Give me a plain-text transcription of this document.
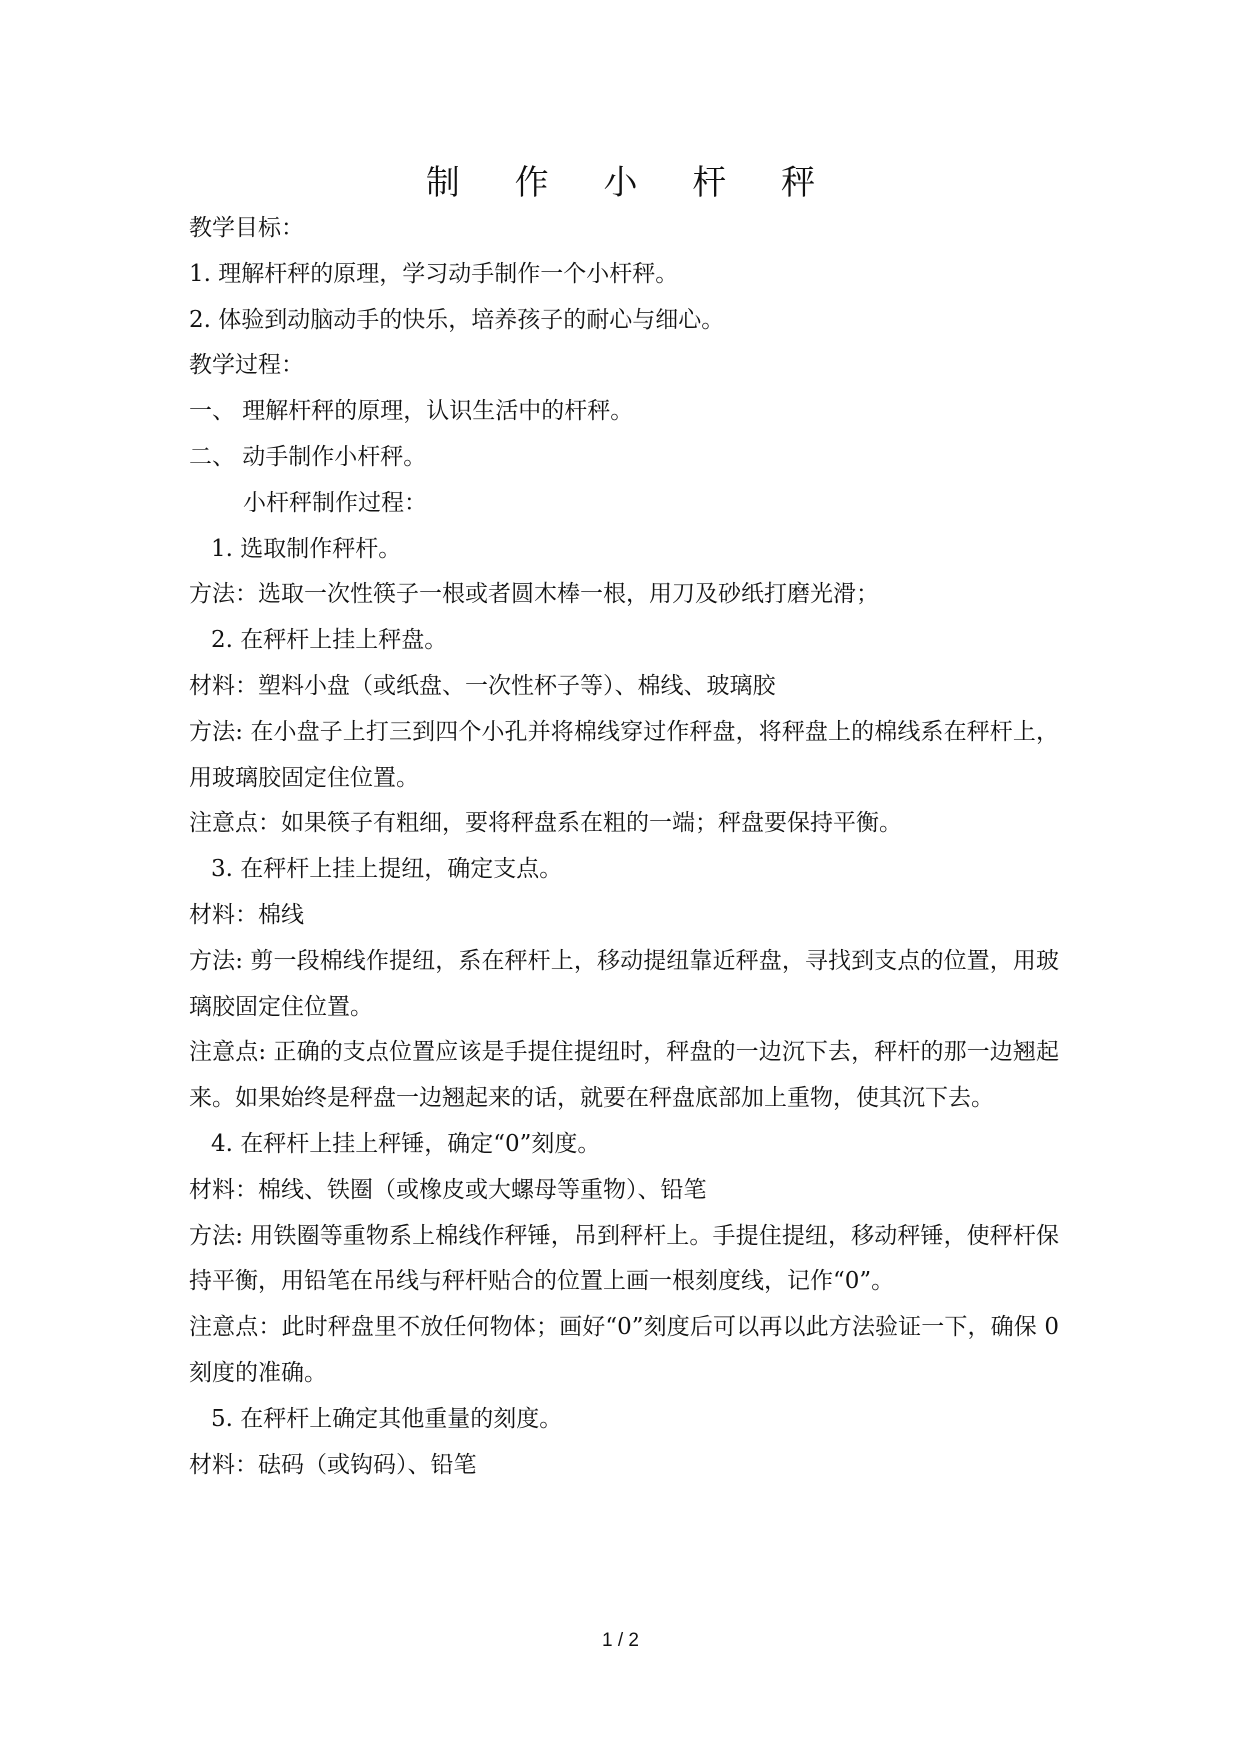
制 作 小 杆 秤

教学目标：

1. 理解杆秤的原理，学习动手制作一个小杆秤。

2. 体验到动脑动手的快乐，培养孩子的耐心与细心。

教学过程：

一、 理解杆秤的原理，认识生活中的杆秤。

二、 动手制作小杆秤。

小杆秤制作过程：

1. 选取制作秤杆。

方法：选取一次性筷子一根或者圆木棒一根，用刀及砂纸打磨光滑；

2. 在秤杆上挂上秤盘。

材料：塑料小盘（或纸盘、一次性杯子等）、棉线、玻璃胶

方法: 在小盘子上打三到四个小孔并将棉线穿过作秤盘，将秤盘上的棉线系在秤杆上，用玻璃胶固定住位置。

注意点：如果筷子有粗细，要将秤盘系在粗的一端；秤盘要保持平衡。

3. 在秤杆上挂上提纽，确定支点。

材料：棉线

方法: 剪一段棉线作提纽，系在秤杆上，移动提纽靠近秤盘，寻找到支点的位置，用玻璃胶固定住位置。

注意点: 正确的支点位置应该是手提住提纽时，秤盘的一边沉下去，秤杆的那一边翘起来。如果始终是秤盘一边翘起来的话，就要在秤盘底部加上重物，使其沉下去。

4. 在秤杆上挂上秤锤，确定“0”刻度。

材料：棉线、铁圈（或橡皮或大螺母等重物）、铅笔

方法: 用铁圈等重物系上棉线作秤锤，吊到秤杆上。手提住提纽，移动秤锤，使秤杆保持平衡，用铅笔在吊线与秤杆贴合的位置上画一根刻度线，记作“0”。

注意点：此时秤盘里不放任何物体；画好“0”刻度后可以再以此方法验证一下，确保 0 刻度的准确。

5. 在秤杆上确定其他重量的刻度。

材料：砝码（或钩码）、铅笔

1 / 2
